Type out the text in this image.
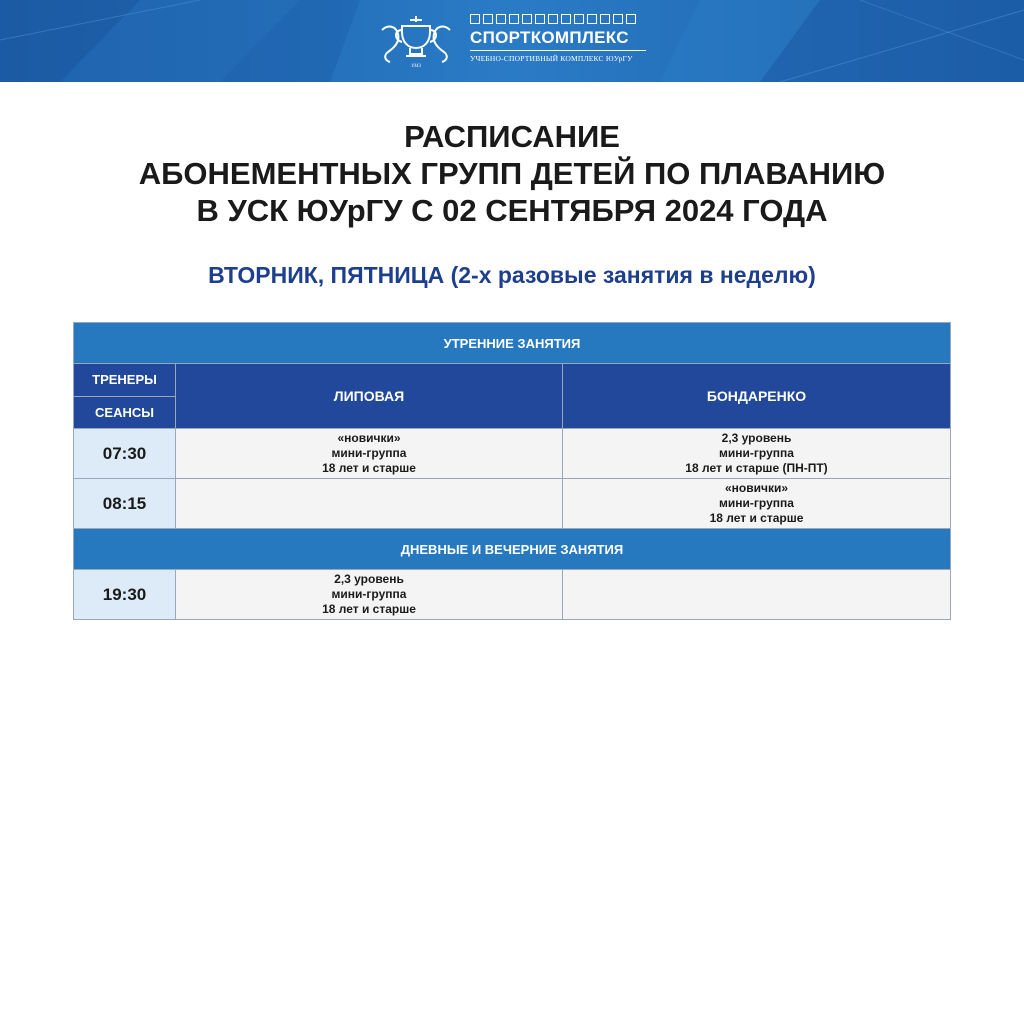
1943
СПОРТКОМПЛЕКС
УЧЕБНО-СПОРТИВНЫЙ КОМПЛЕКС ЮУрГУ
РАСПИСАНИЕ
АБОНЕМЕНТНЫХ ГРУПП ДЕТЕЙ ПО ПЛАВАНИЮ
В УСК ЮУрГУ С 02 СЕНТЯБРЯ 2024 ГОДА
ВТОРНИК, ПЯТНИЦА (2-х разовые занятия в неделю)
УТРЕННИЕ ЗАНЯТИЯ		

ТРЕНЕРЫ
СЕАНСЫ	ЛИПОВАЯ	БОНДАРЕНКО
07:30	«новички»
мини-группа
18 лет и старше	2,3 уровень
мини-группа
18 лет и старше (ПН-ПТ)

08:15		«новички»
мини-группа
18 лет и старше

ДНЕВНЫЕ И ВЕЧЕРНИЕ ЗАНЯТИЯ		
19:30	2,3 уровень
мини-группа
18 лет и старше	
